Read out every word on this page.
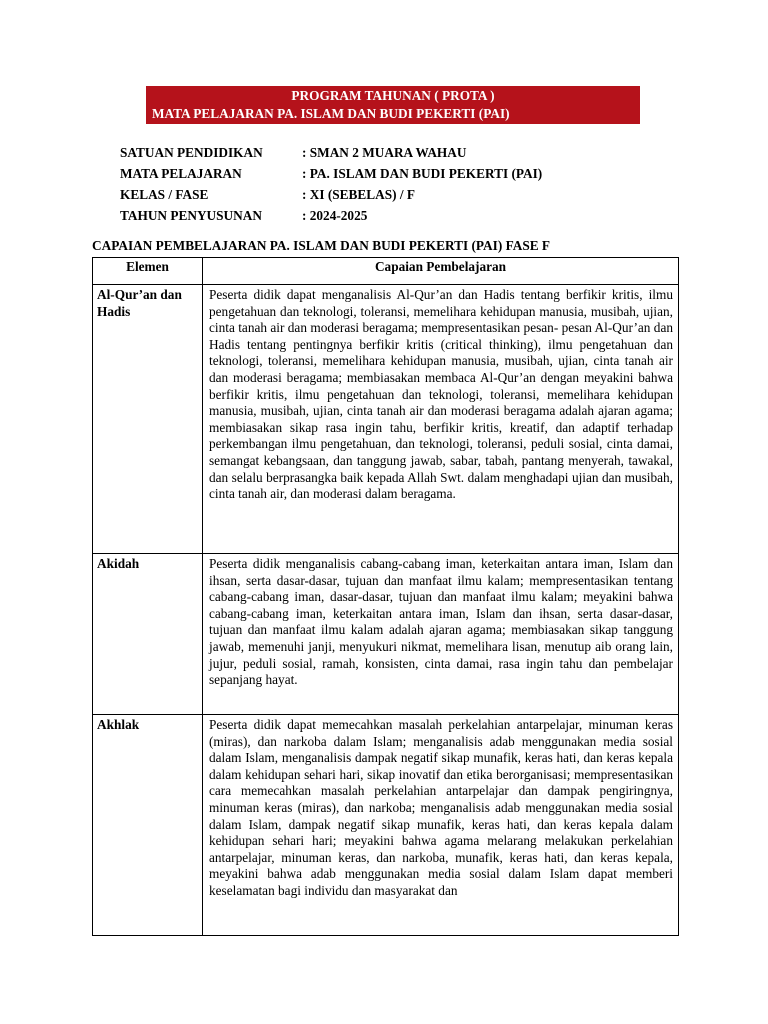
PROGRAM TAHUNAN ( PROTA )
MATA PELAJARAN PA. ISLAM DAN BUDI PEKERTI (PAI)
SATUAN PENDIDIKAN	: SMAN 2 MUARA WAHAU
MATA PELAJARAN	: PA. ISLAM DAN BUDI PEKERTI (PAI)
KELAS / FASE	: XI (SEBELAS) / F
TAHUN PENYUSUNAN	: 2024-2025
CAPAIAN PEMBELAJARAN PA. ISLAM DAN BUDI PEKERTI (PAI) FASE F
Elemen	Capaian Pembelajaran
Al-Qur’an dan Hadis	Peserta didik dapat menganalisis Al-Qur’an dan Hadis tentang berfikir kritis, ilmu pengetahuan dan teknologi, toleransi, memelihara kehidupan manusia, musibah, ujian, cinta tanah air dan moderasi beragama; mempresentasikan pesan- pesan Al-Qur’an dan Hadis tentang pentingnya berfikir kritis (critical thinking), ilmu pengetahuan dan teknologi, toleransi, memelihara kehidupan manusia, musibah, ujian, cinta tanah air dan moderasi beragama; membiasakan membaca Al-Qur’an dengan meyakini bahwa berfikir kritis, ilmu pengetahuan dan teknologi, toleransi, memelihara kehidupan manusia, musibah, ujian, cinta tanah air dan moderasi beragama adalah ajaran agama; membiasakan sikap rasa ingin tahu, berfikir kritis, kreatif, dan adaptif terhadap perkembangan ilmu pengetahuan, dan teknologi, toleransi, peduli sosial, cinta damai, semangat kebangsaan, dan tanggung jawab, sabar, tabah, pantang menyerah, tawakal, dan selalu berprasangka baik kepada Allah Swt. dalam menghadapi ujian dan musibah, cinta tanah air, dan moderasi dalam beragama.
Akidah	Peserta didik menganalisis cabang-cabang iman, keterkaitan antara iman, Islam dan ihsan, serta dasar-dasar, tujuan dan manfaat ilmu kalam; mempresentasikan tentang cabang-cabang iman, dasar-dasar, tujuan dan manfaat ilmu kalam; meyakini bahwa cabang-cabang iman, keterkaitan antara iman, Islam dan ihsan, serta dasar-dasar, tujuan dan manfaat ilmu kalam adalah ajaran agama; membiasakan sikap tanggung jawab, memenuhi janji, menyukuri nikmat, memelihara lisan, menutup aib orang lain, jujur, peduli sosial, ramah, konsisten, cinta damai, rasa ingin tahu dan pembelajar sepanjang hayat.
Akhlak	Peserta didik dapat memecahkan masalah perkelahian antarpelajar, minuman keras (miras), dan narkoba dalam Islam; menganalisis adab menggunakan media sosial dalam Islam, menganalisis dampak negatif sikap munafik, keras hati, dan keras kepala dalam kehidupan sehari hari, sikap inovatif dan etika berorganisasi; mempresentasikan cara memecahkan masalah perkelahian antarpelajar dan dampak pengiringnya, minuman keras (miras), dan narkoba; menganalisis adab menggunakan media sosial dalam Islam, dampak negatif sikap munafik, keras hati, dan keras kepala dalam kehidupan sehari hari; meyakini bahwa agama melarang melakukan perkelahian antarpelajar, minuman keras, dan narkoba, munafik, keras hati, dan keras kepala, meyakini bahwa adab menggunakan media sosial dalam Islam dapat memberi keselamatan bagi individu dan masyarakat dan
